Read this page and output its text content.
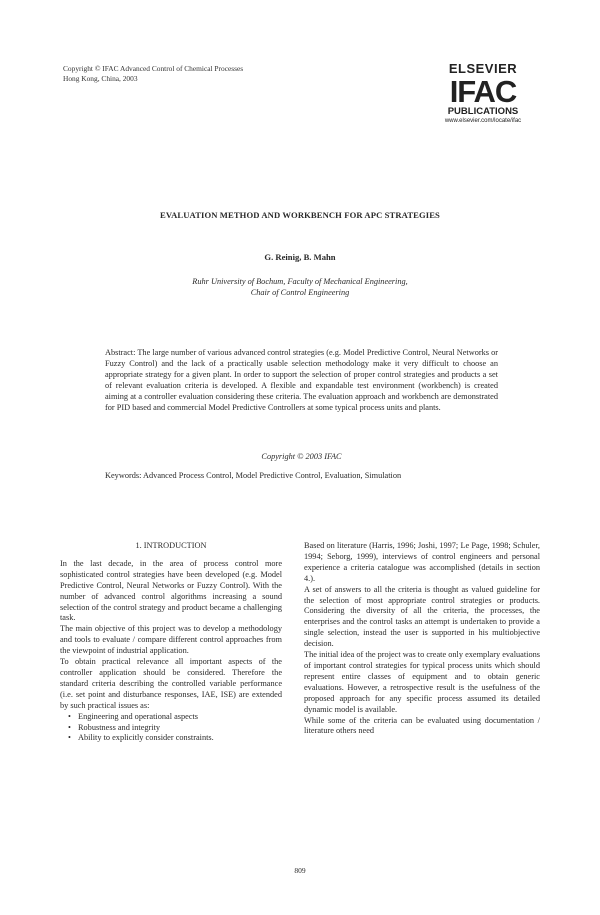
Copyright © IFAC Advanced Control of Chemical Processes
Hong Kong, China, 2003
ELSEVIER
IFAC
PUBLICATIONS
www.elsevier.com/locate/ifac
EVALUATION METHOD AND WORKBENCH FOR APC STRATEGIES
G. Reinig, B. Mahn
Ruhr University of Bochum, Faculty of Mechanical Engineering,
Chair of Control Engineering
Abstract: The large number of various advanced control strategies (e.g. Model Predictive Control, Neural Networks or Fuzzy Control) and the lack of a practically usable selection methodology make it very difficult to choose an appropriate strategy for a given plant. In order to support the selection of proper control strategies and products a set of relevant evaluation criteria is developed. A flexible and expandable test environment (workbench) is created aiming at a controller evaluation considering these criteria. The evaluation approach and workbench are demonstrated for PID based and commercial Model Predictive Controllers at some typical process units and plants.
Copyright © 2003 IFAC
Keywords: Advanced Process Control, Model Predictive Control, Evaluation, Simulation

1. INTRODUCTION

In the last decade, in the area of process control more sophisticated control strategies have been developed (e.g. Model Predictive Control, Neural Networks or Fuzzy Control). With the number of advanced control algorithms increasing a sound selection of the control strategy and product became a challenging task.

The main objective of this project was to develop a methodology and tools to evaluate / compare different control approaches from the viewpoint of industrial application.

To obtain practical relevance all important aspects of the controller application should be considered. Therefore the standard criteria describing the controlled variable performance (i.e. set point and disturbance responses, IAE, ISE) are extended by such practical issues as:

• Engineering and operational aspects
• Robustness and integrity
• Ability to explicitly consider constraints.

Based on literature (Harris, 1996; Joshi, 1997; Le Page, 1998; Schuler, 1994; Seborg, 1999), interviews of control engineers and personal experience a criteria catalogue was accomplished (details in section 4.).

A set of answers to all the criteria is thought as valued guideline for the selection of most appropriate control strategies or products. Considering the diversity of all the criteria, the processes, the enterprises and the control tasks an attempt is undertaken to provide a single selection, instead the user is supported in his multiobjective decision.

The initial idea of the project was to create only exemplary evaluations of important control strategies for typical process units which should represent entire classes of equipment and to obtain generic evaluations. However, a retrospective result is the usefulness of the proposed approach for any specific process assumed its detailed dynamic model is available.

While some of the criteria can be evaluated using documentation / literature others need

809
